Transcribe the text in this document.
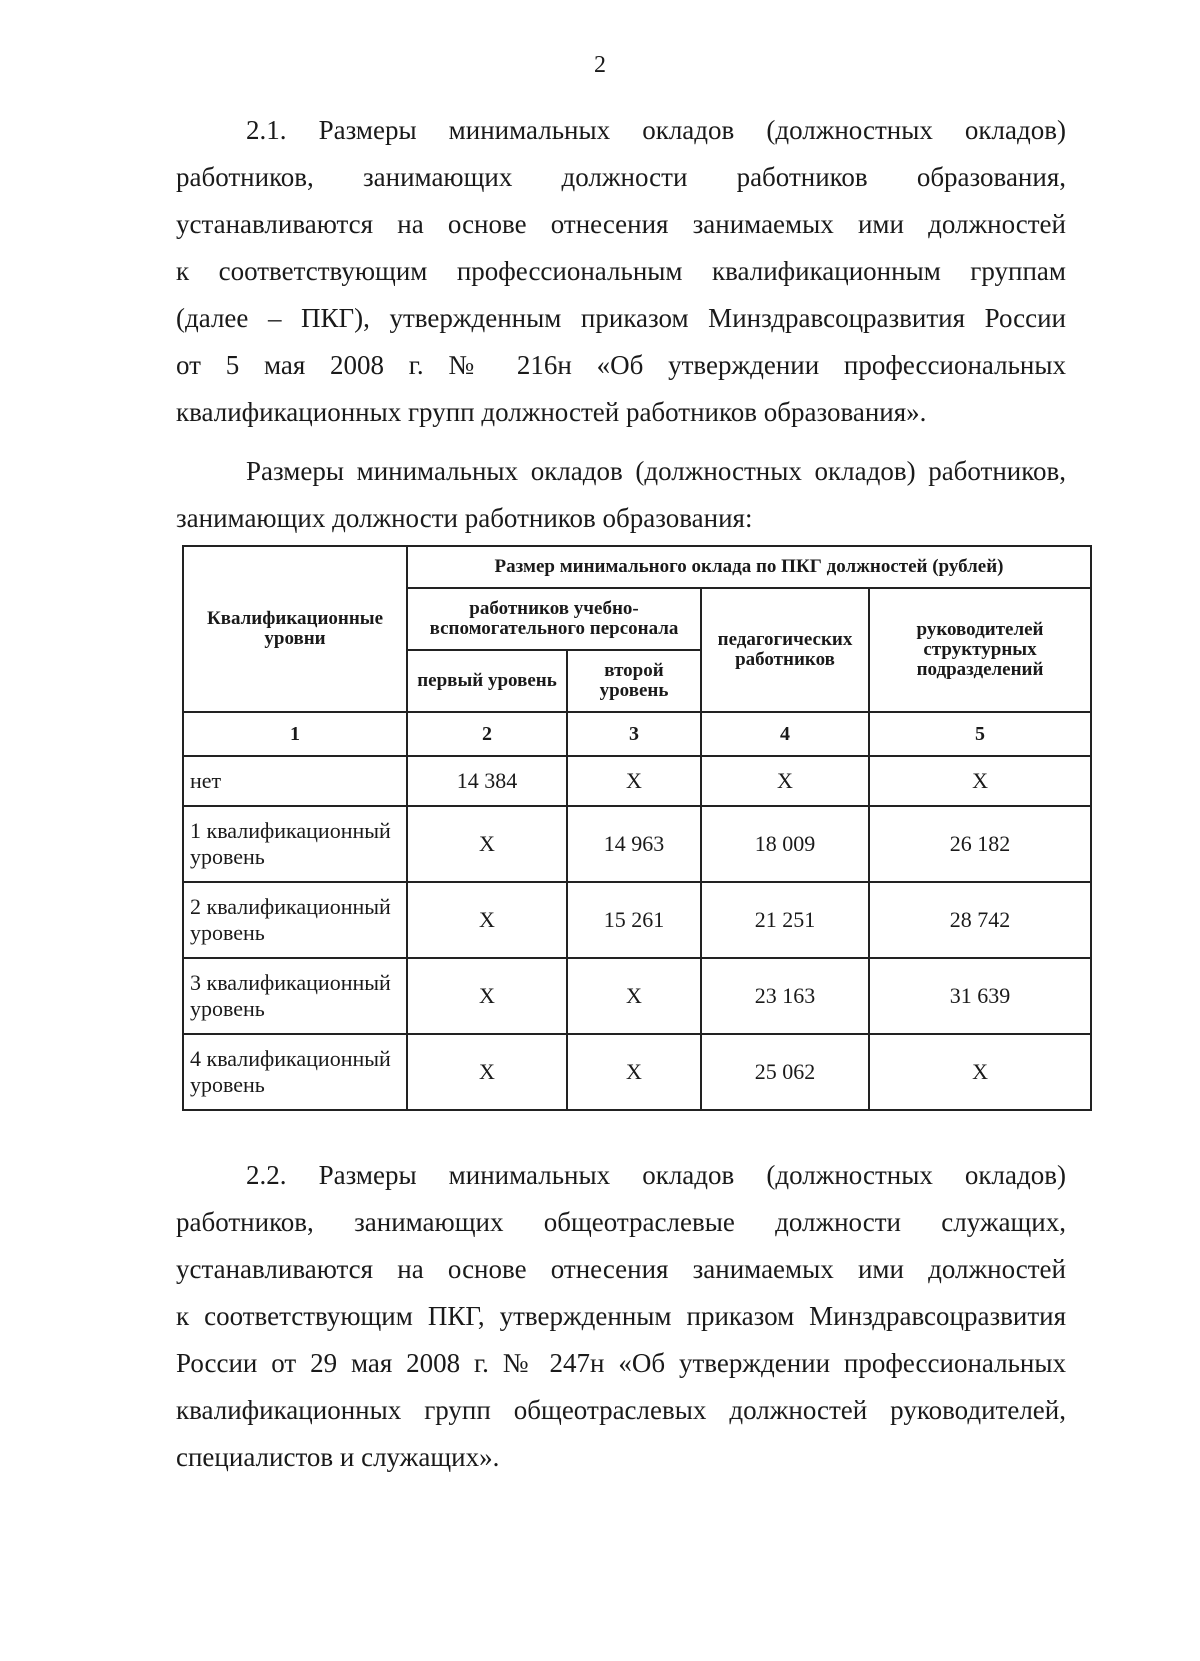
2
2.1. Размеры минимальных окладов (должностных окладов)
работников, занимающих должности работников образования,
устанавливаются на основе отнесения занимаемых ими должностей
к соответствующим профессиональным квалификационным группам
(далее – ПКГ), утвержденным приказом Минздравсоцразвития России
от 5 мая 2008 г. № 216н «Об утверждении профессиональных
квалификационных групп должностей работников образования».
Размеры минимальных окладов (должностных окладов) работников,
занимающих должности работников образования:
Квалификационные уровни	Размер минимального оклада по ПКГ должностей (рублей)			
	работников учебно-вспомогательного персонала		педагогических работников	руководителей структурных подразделений
	первый уровень	второй уровень		
1	2	3	4	5
нет	14 384	X	X	X
1 квалификационный уровень	X	14 963	18 009	26 182
2 квалификационный уровень	X	15 261	21 251	28 742
3 квалификационный уровень	X	X	23 163	31 639
4 квалификационный уровень	X	X	25 062	X
2.2. Размеры минимальных окладов (должностных окладов)
работников, занимающих общеотраслевые должности служащих,
устанавливаются на основе отнесения занимаемых ими должностей
к соответствующим ПКГ, утвержденным приказом Минздравсоцразвития
России от 29 мая 2008 г. № 247н «Об утверждении профессиональных
квалификационных групп общеотраслевых должностей руководителей,
специалистов и служащих».
